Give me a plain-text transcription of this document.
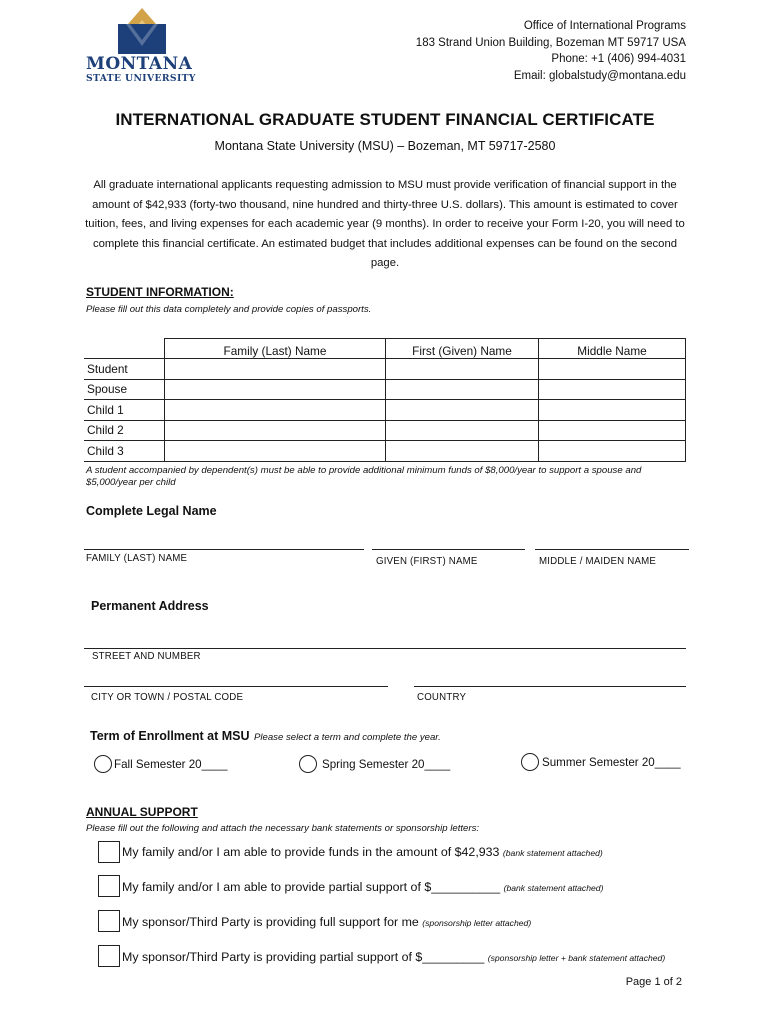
MONTANA
STATE UNIVERSITY
Office of International Programs
183 Strand Union Building, Bozeman MT 59717 USA
Phone: +1 (406) 994-4031
Email: globalstudy@montana.edu
INTERNATIONAL GRADUATE STUDENT FINANCIAL CERTIFICATE
Montana State University (MSU) – Bozeman, MT 59717-2580
All graduate international applicants requesting admission to MSU must provide verification of financial support in the amount of $42,933 (forty-two thousand, nine hundred and thirty-three U.S. dollars). This amount is estimated to cover tuition, fees, and living expenses for each academic year (9 months). In order to receive your Form I-20, you will need to complete this financial certificate. An estimated budget that includes additional expenses can be found on the second page.
STUDENT INFORMATION:
Please fill out this data completely and provide copies of passports.
	Family (Last) Name	First (Given) Name	Middle Name
Student			
Spouse			
Child 1			
Child 2			
Child 3			
A student accompanied by dependent(s) must be able to provide additional minimum funds of $8,000/year to support a spouse and $5,000/year per child
Complete Legal Name
FAMILY (LAST) NAME	GIVEN (FIRST) NAME	MIDDLE / MAIDEN NAME
Permanent Address
STREET AND NUMBER
CITY OR TOWN / POSTAL CODE	COUNTRY
Term of Enrollment at MSU Please select a term and complete the year.
Fall Semester 20____	Spring Semester 20____	Summer Semester 20____
ANNUAL SUPPORT
Please fill out the following and attach the necessary bank statements or sponsorship letters:
My family and/or I am able to provide funds in the amount of $42,933 (bank statement attached)
My family and/or I am able to provide partial support of $__________ (bank statement attached)
My sponsor/Third Party is providing full support for me (sponsorship letter attached)
My sponsor/Third Party is providing partial support of $_________ (sponsorship letter + bank statement attached)
Page 1 of 2
